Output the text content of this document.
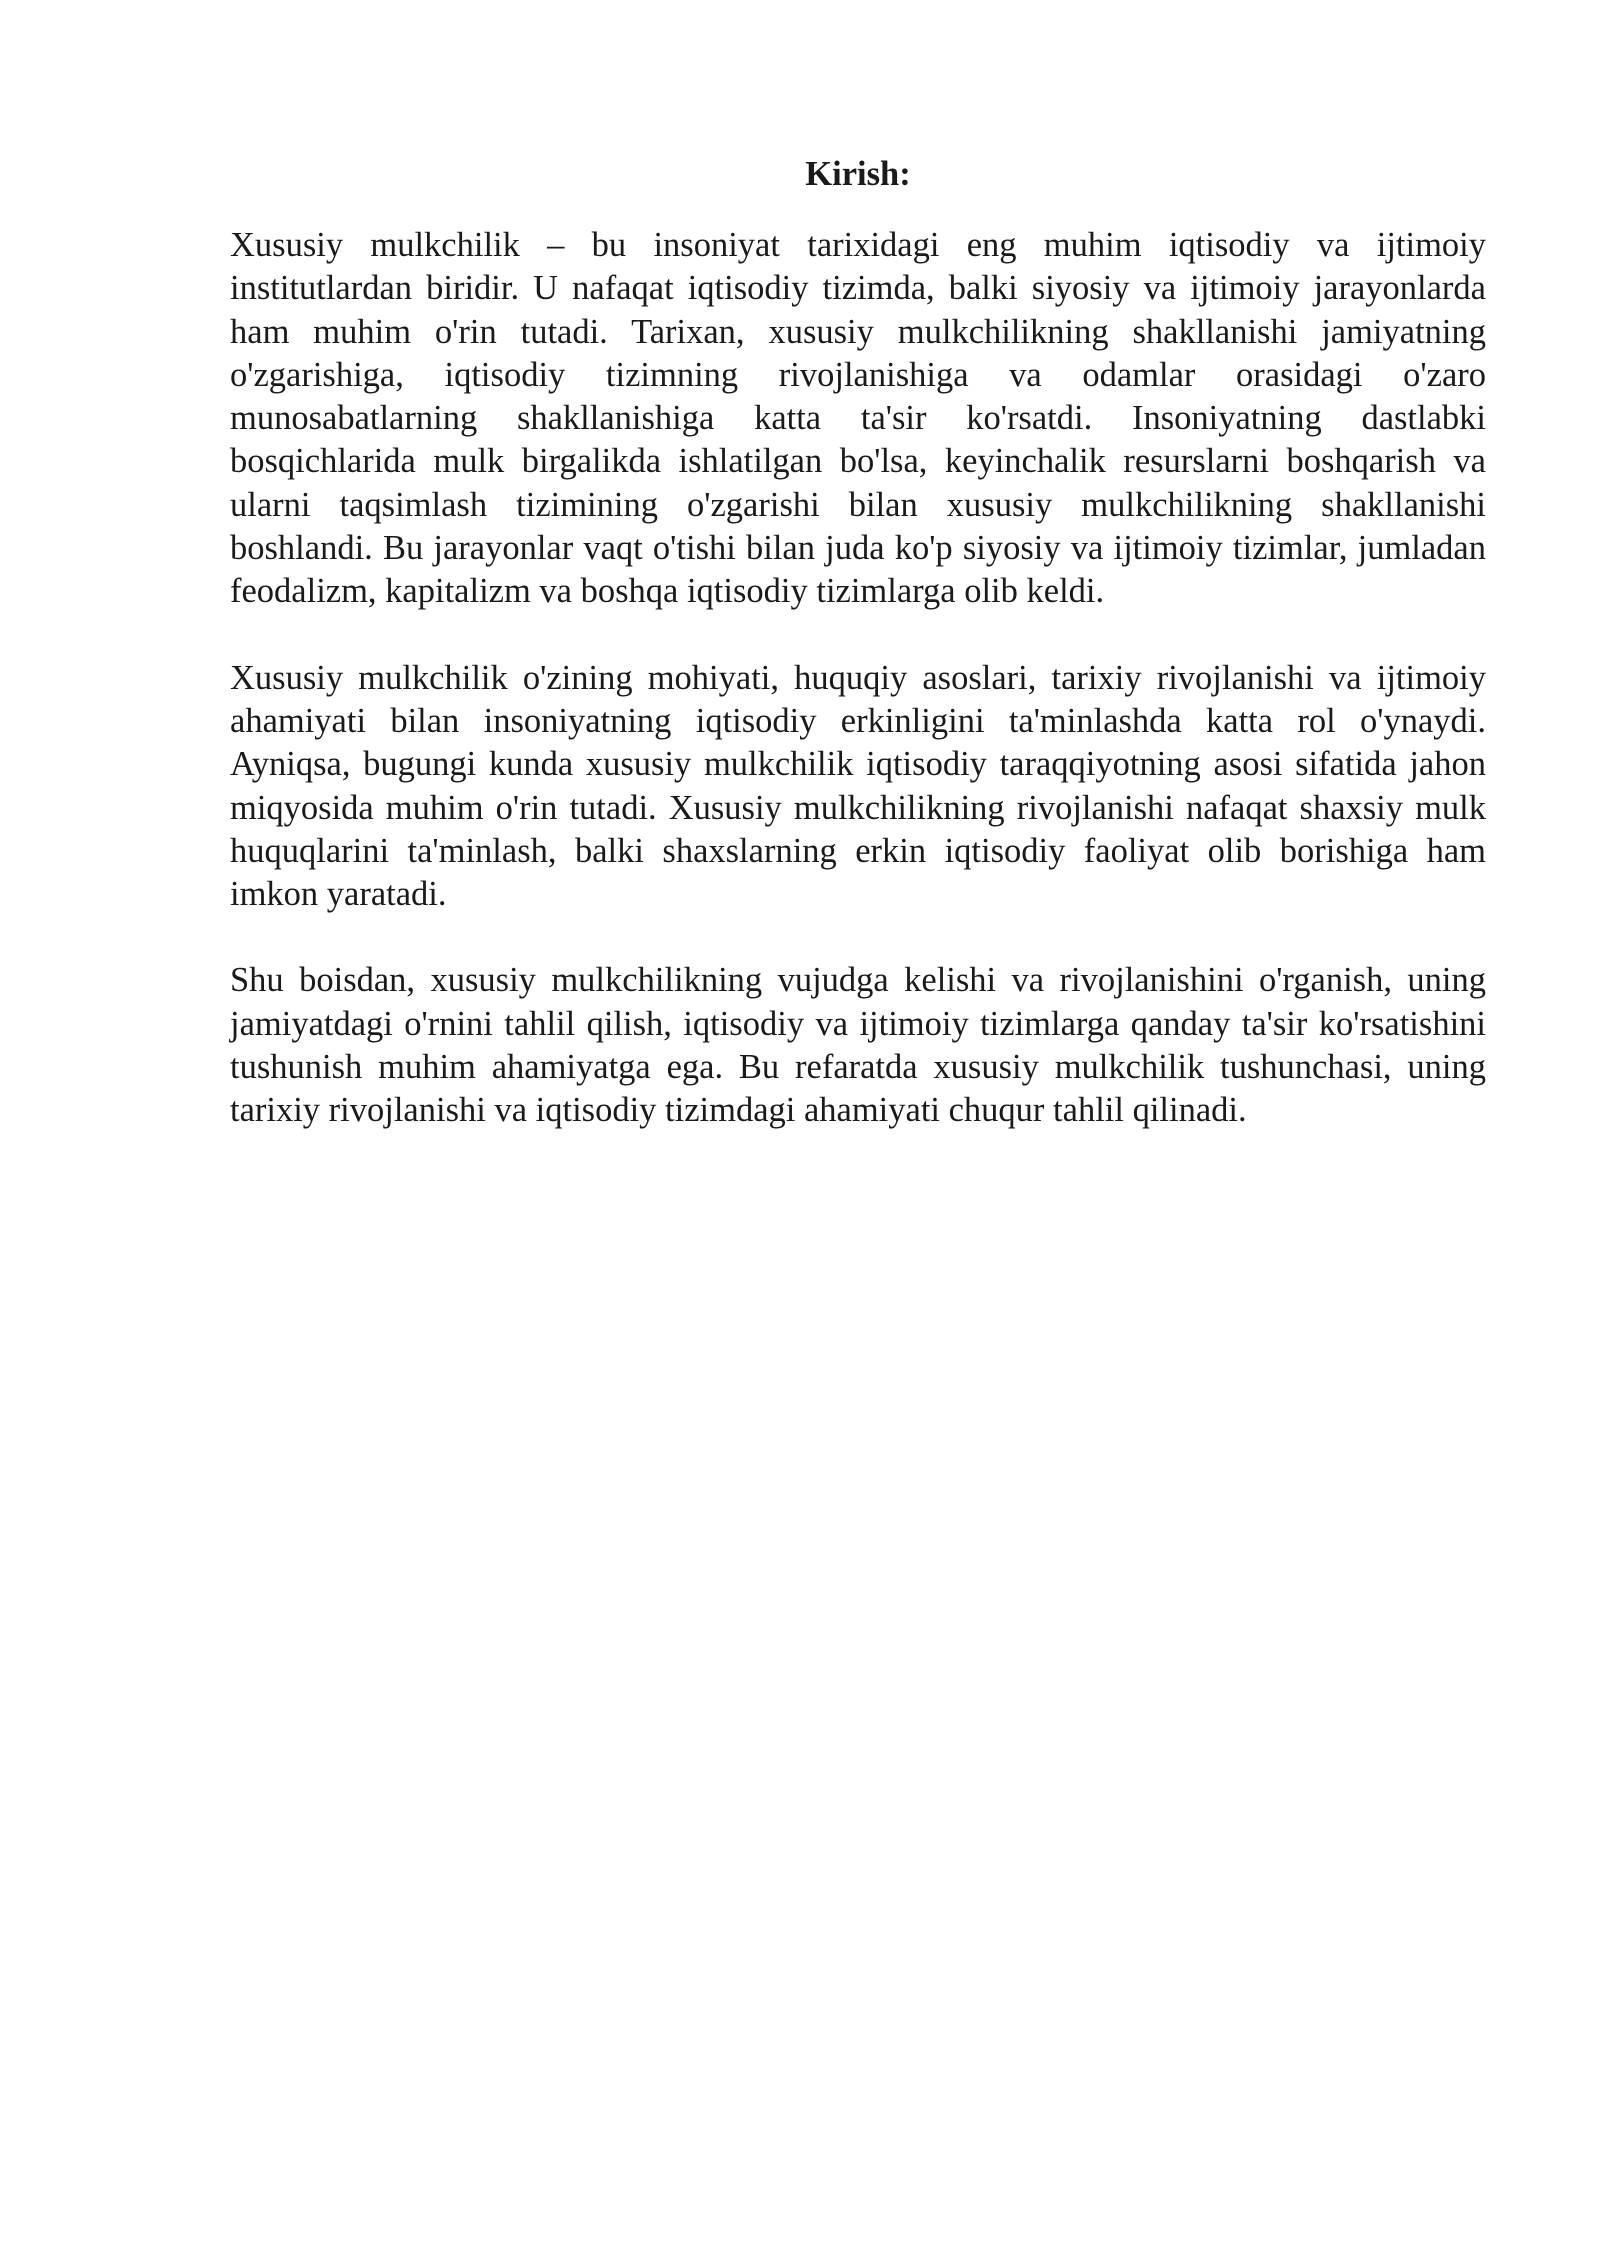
Kirish:

Xususiy mulkchilik – bu insoniyat tarixidagi eng muhim iqtisodiy va ijtimoiy institutlardan biridir. U nafaqat iqtisodiy tizimda, balki siyosiy va ijtimoiy jarayonlarda ham muhim o'rin tutadi. Tarixan, xususiy mulkchilikning shakllanishi jamiyatning o'zgarishiga, iqtisodiy tizimning rivojlanishiga va odamlar orasidagi o'zaro munosabatlarning shakllanishiga katta ta'sir ko'rsatdi. Insoniyatning dastlabki bosqichlarida mulk birgalikda ishlatilgan bo'lsa, keyinchalik resurslarni boshqarish va ularni taqsimlash tizimining o'zgarishi bilan xususiy mulkchilikning shakllanishi boshlandi. Bu jarayonlar vaqt o'tishi bilan juda ko'p siyosiy va ijtimoiy tizimlar, jumladan feodalizm, kapitalizm va boshqa iqtisodiy tizimlarga olib keldi.

Xususiy mulkchilik o'zining mohiyati, huquqiy asoslari, tarixiy rivojlanishi va ijtimoiy ahamiyati bilan insoniyatning iqtisodiy erkinligini ta'minlashda katta rol o'ynaydi. Ayniqsa, bugungi kunda xususiy mulkchilik iqtisodiy taraqqiyotning asosi sifatida jahon miqyosida muhim o'rin tutadi. Xususiy mulkchilikning rivojlanishi nafaqat shaxsiy mulk huquqlarini ta'minlash, balki shaxslarning erkin iqtisodiy faoliyat olib borishiga ham imkon yaratadi.

Shu boisdan, xususiy mulkchilikning vujudga kelishi va rivojlanishini o'rganish, uning jamiyatdagi o'rnini tahlil qilish, iqtisodiy va ijtimoiy tizimlarga qanday ta'sir ko'rsatishini tushunish muhim ahamiyatga ega. Bu refaratda xususiy mulkchilik tushunchasi, uning tarixiy rivojlanishi va iqtisodiy tizimdagi ahamiyati chuqur tahlil qilinadi.
